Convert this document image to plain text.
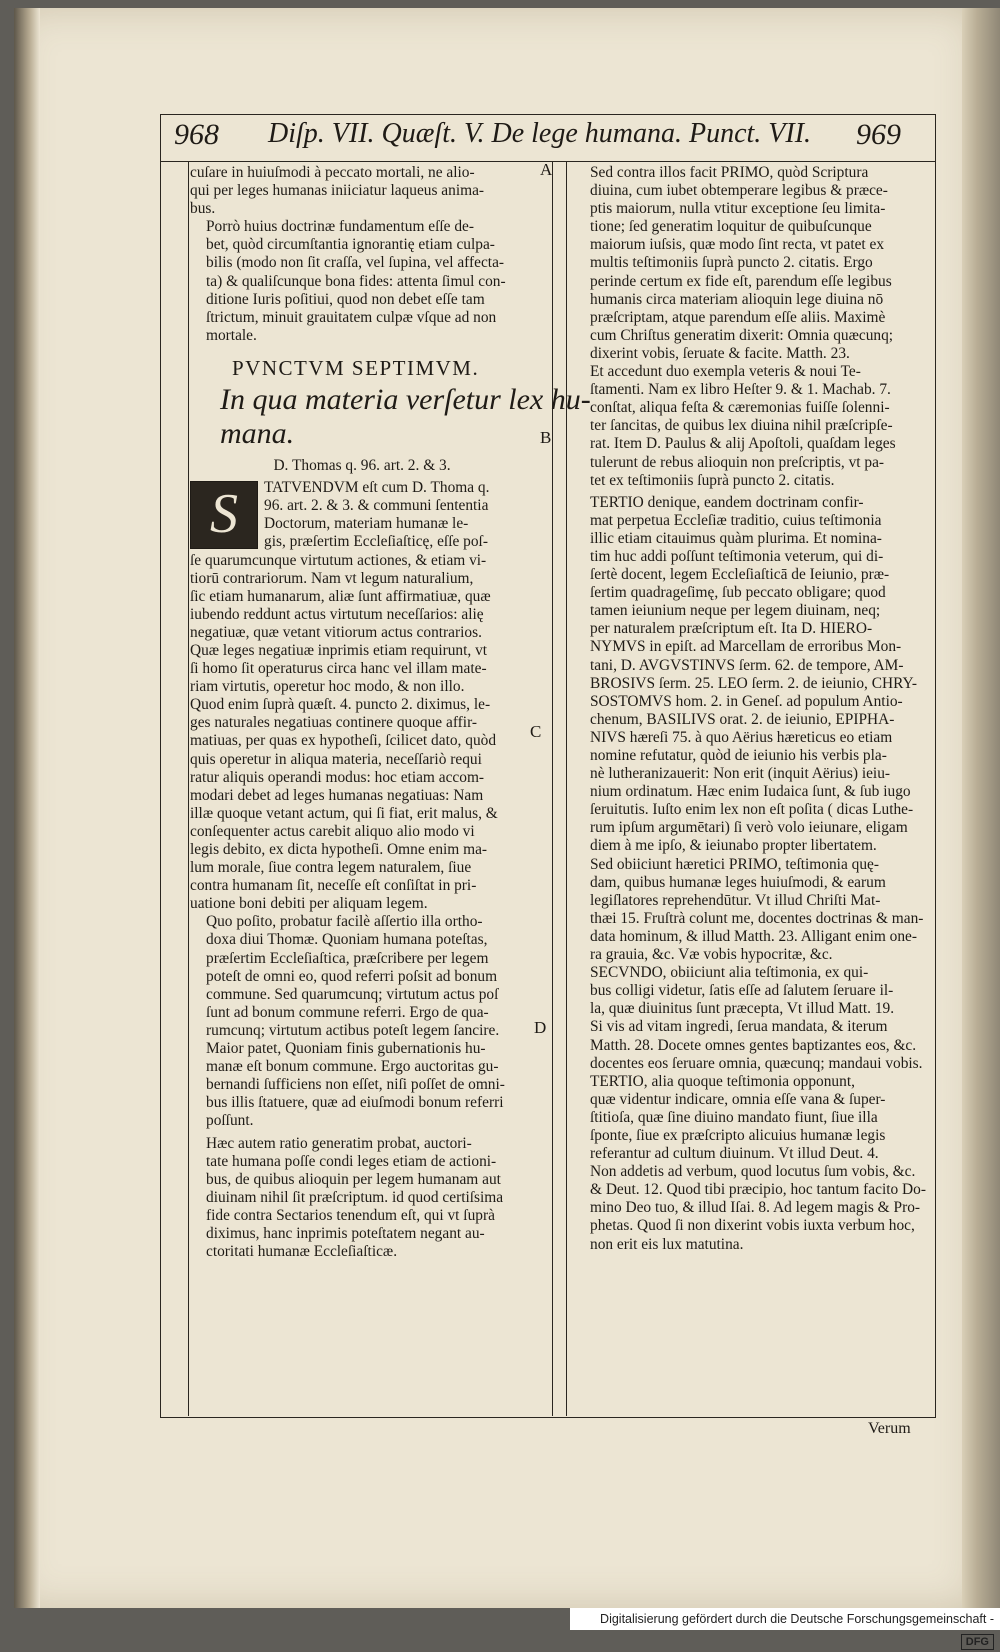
968 Diſp. VII. Quæſt. V. De lege humana. Punct. VII. 969
A
B
C
D

cuſare in huiuſmodi à peccato mortali, ne alio-
qui per leges humanas iniiciatur laqueus anima-
bus.

Porrò huius doctrinæ fundamentum eſſe de-
bet, quòd circumſtantia ignorantię etiam culpa-
bilis (modo non ſit craſſa, vel ſupina, vel affecta-
ta) & qualiſcunque bona fides: attenta ſimul con-
ditione Iuris poſitiui, quod non debet eſſe tam
ſtrictum, minuit grauitatem culpæ vſque ad non
mortale.

PVNCTVM SEPTIMVM.
In qua materia verſetur lex hu-
mana.
D. Thomas q. 96. art. 2. & 3.
S	TATVENDVM eſt cum D. Thoma q.
96. art. 2. & 3. & communi ſententia
Doctorum, materiam humanæ le-
gis, præſertim Eccleſiaſticę, eſſe poſ-
ſe quarumcunque virtutum actiones, & etiam vi-
tiorū contrariorum. Nam vt legum naturalium,
ſic etiam humanarum, aliæ ſunt affirmatiuæ, quæ
iubendo reddunt actus virtutum neceſſarios: alię
negatiuæ, quæ vetant vitiorum actus contrarios.
Quæ leges negatiuæ inprimis etiam requirunt, vt
ſi homo ſit operaturus circa hanc vel illam mate-
riam virtutis, operetur hoc modo, & non illo.
Quod enim ſuprà quæſt. 4. puncto 2. diximus, le-
ges naturales negatiuas continere quoque affir-
matiuas, per quas ex hypotheſi, ſcilicet dato, quòd
quis operetur in aliqua materia, neceſſariò requi
ratur aliquis operandi modus: hoc etiam accom-
modari debet ad leges humanas negatiuas: Nam
illæ quoque vetant actum, qui ſi fiat, erit malus, &
conſequenter actus carebit aliquo alio modo vi
legis debito, ex dicta hypotheſi. Omne enim ma-
lum morale, ſiue contra legem naturalem, ſiue
contra humanam ſit, neceſſe eſt conſiſtat in pri-
uatione boni debiti per aliquam legem.

Quo poſito, probatur facilè aſſertio illa ortho-
doxa diui Thomæ. Quoniam humana poteſtas,
præſertim Eccleſiaſtica, præſcribere per legem
poteſt de omni eo, quod referri poſsit ad bonum
commune. Sed quarumcunq; virtutum actus poſ
ſunt ad bonum commune referri. Ergo de qua-
rumcunq; virtutum actibus poteſt legem ſancire.
Maior patet, Quoniam finis gubernationis hu-
manæ eſt bonum commune. Ergo auctoritas gu-
bernandi ſufficiens non eſſet, niſi poſſet de omni-
bus illis ſtatuere, quæ ad eiuſmodi bonum referri
poſſunt.

Hæc autem ratio generatim probat, auctori-
tate humana poſſe condi leges etiam de actioni-
bus, de quibus alioquin per legem humanam aut
diuinam nihil ſit præſcriptum. id quod certiſsima
fide contra Sectarios tenendum eſt, qui vt ſuprà
diximus, hanc inprimis poteſtatem negant au-
ctoritati humanæ Eccleſiaſticæ.

Sed contra illos facit PRIMO, quòd Scriptura
diuina, cum iubet obtemperare legibus & præce-
ptis maiorum, nulla vtitur exceptione ſeu limita-
tione; ſed generatim loquitur de quibuſcunque
maiorum iuſsis, quæ modo ſint recta, vt patet ex
multis teſtimoniis ſuprà puncto 2. citatis. Ergo
perinde certum ex fide eſt, parendum eſſe legibus
humanis circa materiam alioquin lege diuina nō
præſcriptam, atque parendum eſſe aliis. Maximè
cum Chriſtus generatim dixerit: Omnia quæcunq;
dixerint vobis, ſeruate & facite. Matth. 23.

Et accedunt duo exempla veteris & noui Te-
ſtamenti. Nam ex libro Heſter 9. & 1. Machab. 7.
conſtat, aliqua feſta & cæremonias fuiſſe ſolenni-
ter ſancitas, de quibus lex diuina nihil præſcripſe-
rat. Item D. Paulus & alij Apoſtoli, quaſdam leges
tulerunt de rebus alioquin non preſcriptis, vt pa-
tet ex teſtimoniis ſuprà puncto 2. citatis.

TERTIO denique, eandem doctrinam confir-
mat perpetua Eccleſiæ traditio, cuius teſtimonia
illic etiam citauimus quàm plurima. Et nomina-
tim huc addi poſſunt teſtimonia veterum, qui di-
ſertè docent, legem Eccleſiaſticā de Ieiunio, præ-
ſertim quadrageſimę, ſub peccato obligare; quod
tamen ieiunium neque per legem diuinam, neq;
per naturalem præſcriptum eſt. Ita D. HIERO-
NYMVS in epiſt. ad Marcellam de erroribus Mon-
tani, D. AVGVSTINVS ſerm. 62. de tempore, AM-
BROSIVS ſerm. 25. LEO ſerm. 2. de ieiunio, CHRY-
SOSTOMVS hom. 2. in Geneſ. ad populum Antio-
chenum, BASILIVS orat. 2. de ieiunio, EPIPHA-
NIVS hæreſi 75. à quo Aërius hæreticus eo etiam
nomine refutatur, quòd de ieiunio his verbis pla-
nè lutheranizauerit: Non erit (inquit Aërius) ieiu-
nium ordinatum. Hæc enim Iudaica ſunt, & ſub iugo
ſeruitutis. Iuſto enim lex non eſt poſita ( dicas Luthe-
rum ipſum argumētari) ſi verò volo ieiunare, eligam
diem à me ipſo, & ieiunabo propter libertatem.

Sed obiiciunt hæretici PRIMO, teſtimonia quę-
dam, quibus humanæ leges huiuſmodi, & earum
legiſlatores reprehendūtur. Vt illud Chriſti Mat-
thæi 15. Fruſtrà colunt me, docentes doctrinas & man-
data hominum, & illud Matth. 23. Alligant enim one-
ra grauia, &c. Væ vobis hypocritæ, &c.

SECVNDO, obiiciunt alia teſtimonia, ex qui-
bus colligi videtur, ſatis eſſe ad ſalutem ſeruare il-
la, quæ diuinitus ſunt præcepta, Vt illud Matt. 19.
Si vis ad vitam ingredi, ſerua mandata, & iterum
Matth. 28. Docete omnes gentes baptizantes eos, &c.
docentes eos ſeruare omnia, quæcunq; mandaui vobis.

TERTIO, alia quoque teſtimonia opponunt,
quæ videntur indicare, omnia eſſe vana & ſuper-
ſtitioſa, quæ ſine diuino mandato fiunt, ſiue illa
ſponte, ſiue ex præſcripto alicuius humanæ legis
referantur ad cultum diuinum. Vt illud Deut. 4.
Non addetis ad verbum, quod locutus ſum vobis, &c.
& Deut. 12. Quod tibi præcipio, hoc tantum facito Do-
mino Deo tuo, & illud Iſai. 8. Ad legem magis & Pro-
phetas. Quod ſi non dixerint vobis iuxta verbum hoc,
non erit eis lux matutina.

Verum
Digitalisierung gefördert durch die Deutsche Forschungsgemeinschaft - DFG
